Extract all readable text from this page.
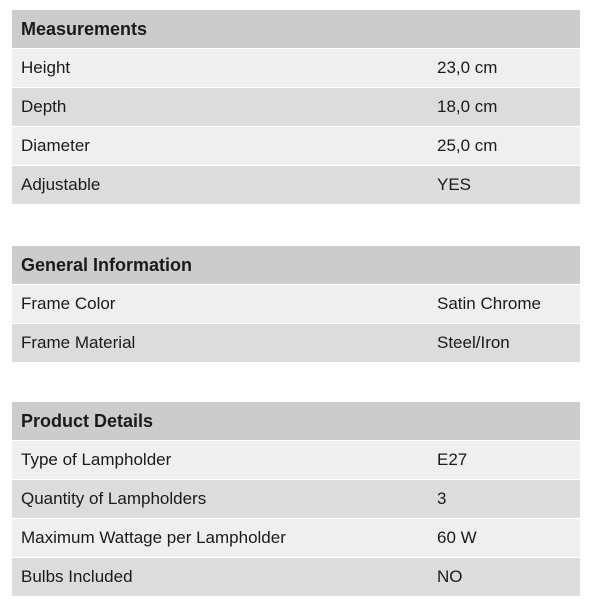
Measurements
Height	23,0 cm
Depth	18,0 cm
Diameter	25,0 cm
Adjustable	YES
General Information
Frame Color	Satin Chrome
Frame Material	Steel/Iron
Product Details
Type of Lampholder	E27
Quantity of Lampholders	3
Maximum Wattage per Lampholder	60 W
Bulbs Included	NO
